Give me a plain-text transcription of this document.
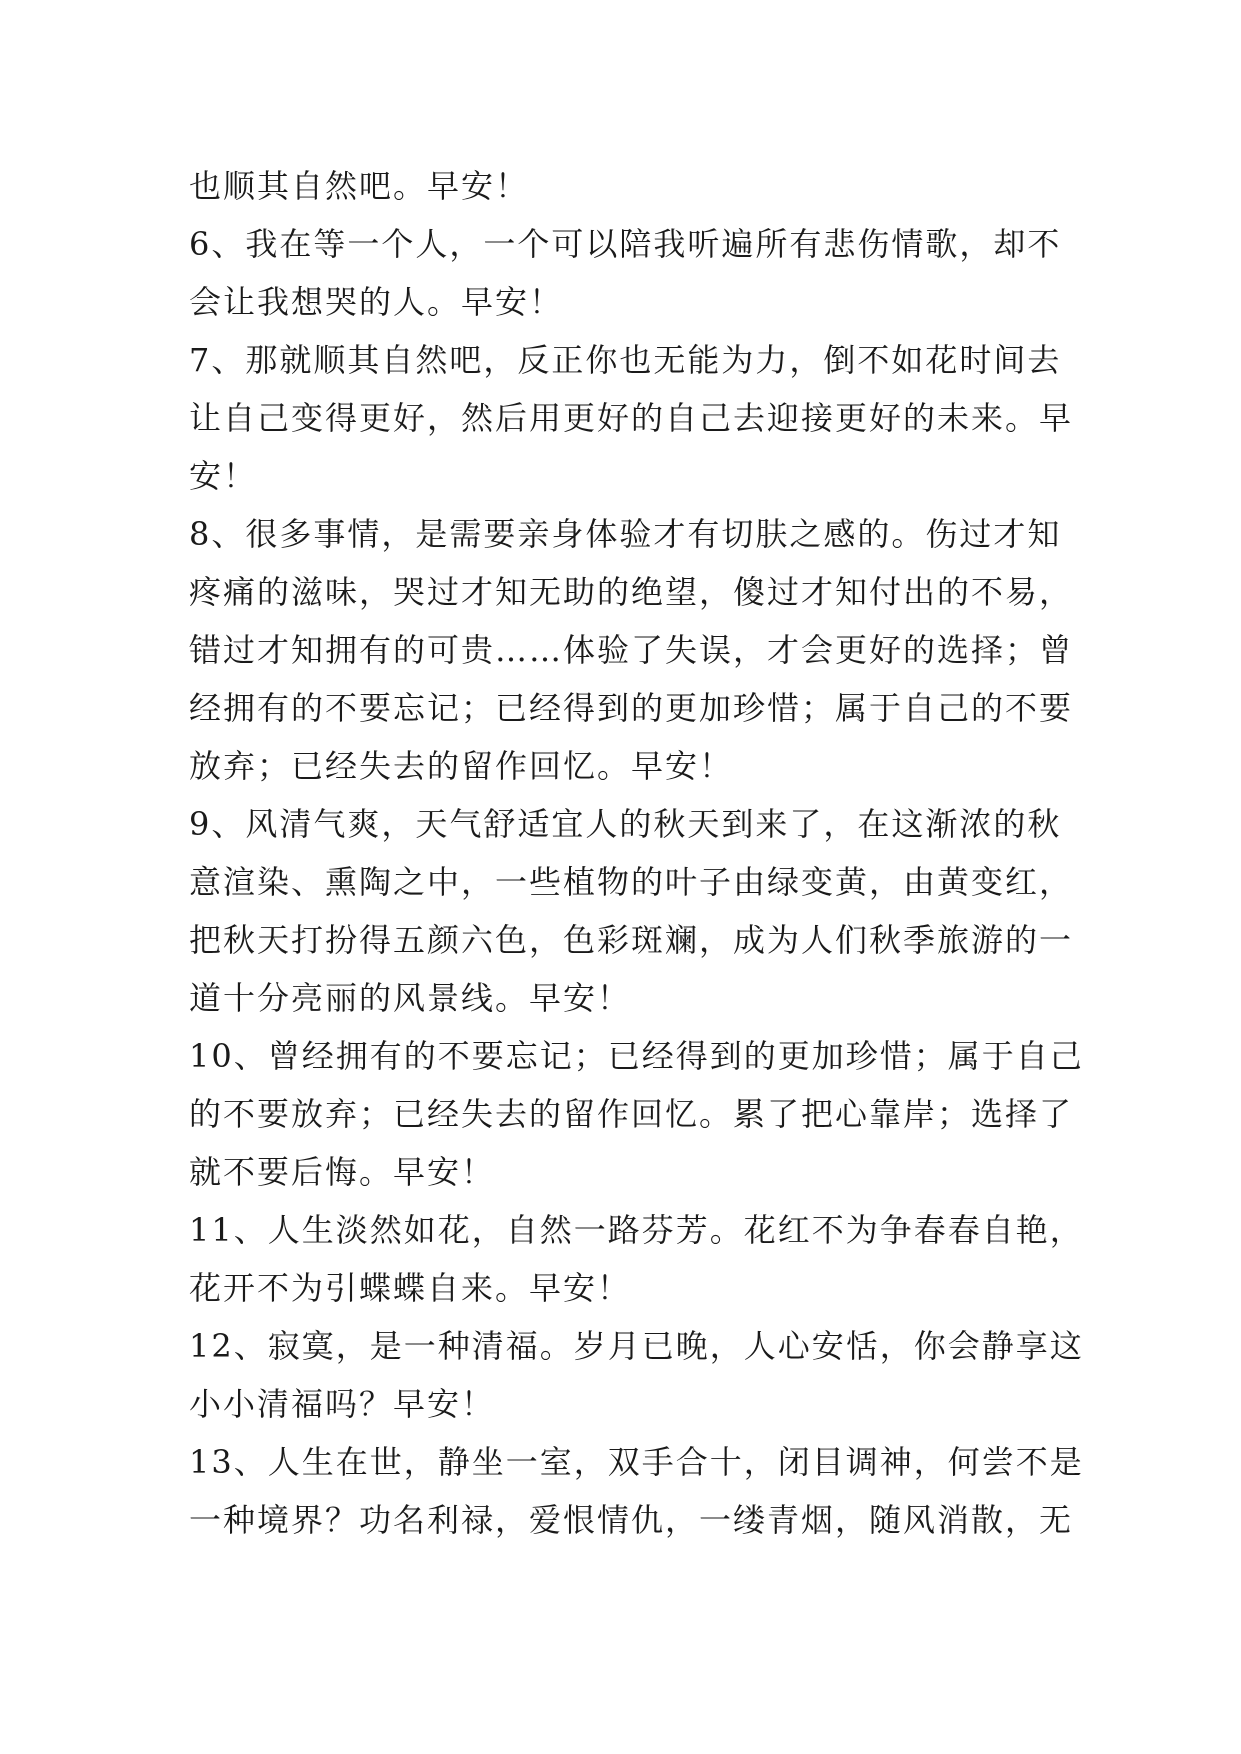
也顺其自然吧。早安！
6、我在等一个人，一个可以陪我听遍所有悲伤情歌，却不
会让我想哭的人。早安！
7、那就顺其自然吧，反正你也无能为力，倒不如花时间去
让自己变得更好，然后用更好的自己去迎接更好的未来。早
安！
8、很多事情，是需要亲身体验才有切肤之感的。伤过才知
疼痛的滋味，哭过才知无助的绝望，傻过才知付出的不易，
错过才知拥有的可贵……体验了失误，才会更好的选择；曾
经拥有的不要忘记；已经得到的更加珍惜；属于自己的不要
放弃；已经失去的留作回忆。早安！
9、风清气爽，天气舒适宜人的秋天到来了，在这渐浓的秋
意渲染、熏陶之中，一些植物的叶子由绿变黄，由黄变红，
把秋天打扮得五颜六色，色彩斑斓，成为人们秋季旅游的一
道十分亮丽的风景线。早安！
10、曾经拥有的不要忘记；已经得到的更加珍惜；属于自己
的不要放弃；已经失去的留作回忆。累了把心靠岸；选择了
就不要后悔。早安！
11、人生淡然如花，自然一路芬芳。花红不为争春春自艳，
花开不为引蝶蝶自来。早安！
12、寂寞，是一种清福。岁月已晚，人心安恬，你会静享这
小小清福吗？早安！
13、人生在世，静坐一室，双手合十，闭目调神，何尝不是
一种境界？功名利禄，爱恨情仇，一缕青烟，随风消散，无
